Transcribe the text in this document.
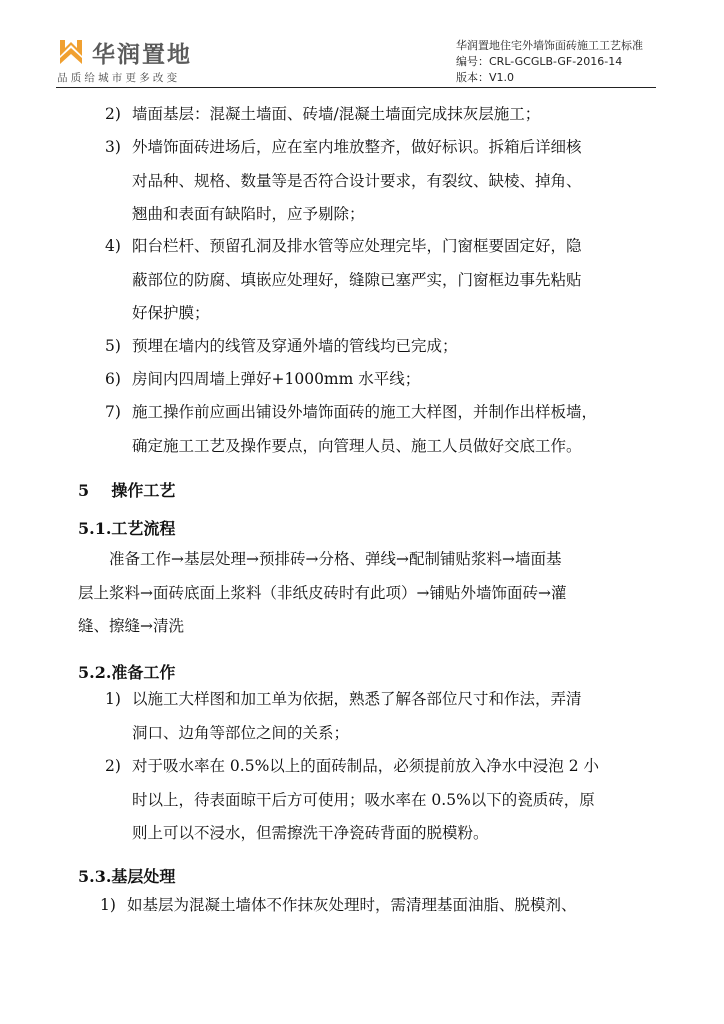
华润置地
品质给城市更多改变
华润置地住宅外墙饰面砖施工工艺标准
编号：CRL-GCGLB-GF-2016-14
版本：V1.0
2) 墙面基层：混凝土墙面、砖墙/混凝土墙面完成抹灰层施工；
3) 外墙饰面砖进场后，应在室内堆放整齐，做好标识。拆箱后详细核
对品种、规格、数量等是否符合设计要求，有裂纹、缺棱、掉角、
翘曲和表面有缺陷时，应予剔除；
4) 阳台栏杆、预留孔洞及排水管等应处理完毕，门窗框要固定好，隐
蔽部位的防腐、填嵌应处理好，缝隙已塞严实，门窗框边事先粘贴
好保护膜；
5) 预埋在墙内的线管及穿通外墙的管线均已完成；
6) 房间内四周墙上弹好+1000mm 水平线；
7) 施工操作前应画出铺设外墙饰面砖的施工大样图，并制作出样板墙，
确定施工工艺及操作要点，向管理人员、施工人员做好交底工作。
5 操作工艺
5.1.工艺流程
准备工作→基层处理→预排砖→分格、弹线→配制铺贴浆料→墙面基
层上浆料→面砖底面上浆料（非纸皮砖时有此项）→铺贴外墙饰面砖→灌
缝、擦缝→清洗
5.2.准备工作
1) 以施工大样图和加工单为依据，熟悉了解各部位尺寸和作法，弄清
洞口、边角等部位之间的关系；
2) 对于吸水率在 0.5%以上的面砖制品，必须提前放入净水中浸泡 2 小
时以上，待表面晾干后方可使用；吸水率在 0.5%以下的瓷质砖，原
则上可以不浸水，但需擦洗干净瓷砖背面的脱模粉。
5.3.基层处理
1) 如基层为混凝土墙体不作抹灰处理时，需清理基面油脂、脱模剂、
